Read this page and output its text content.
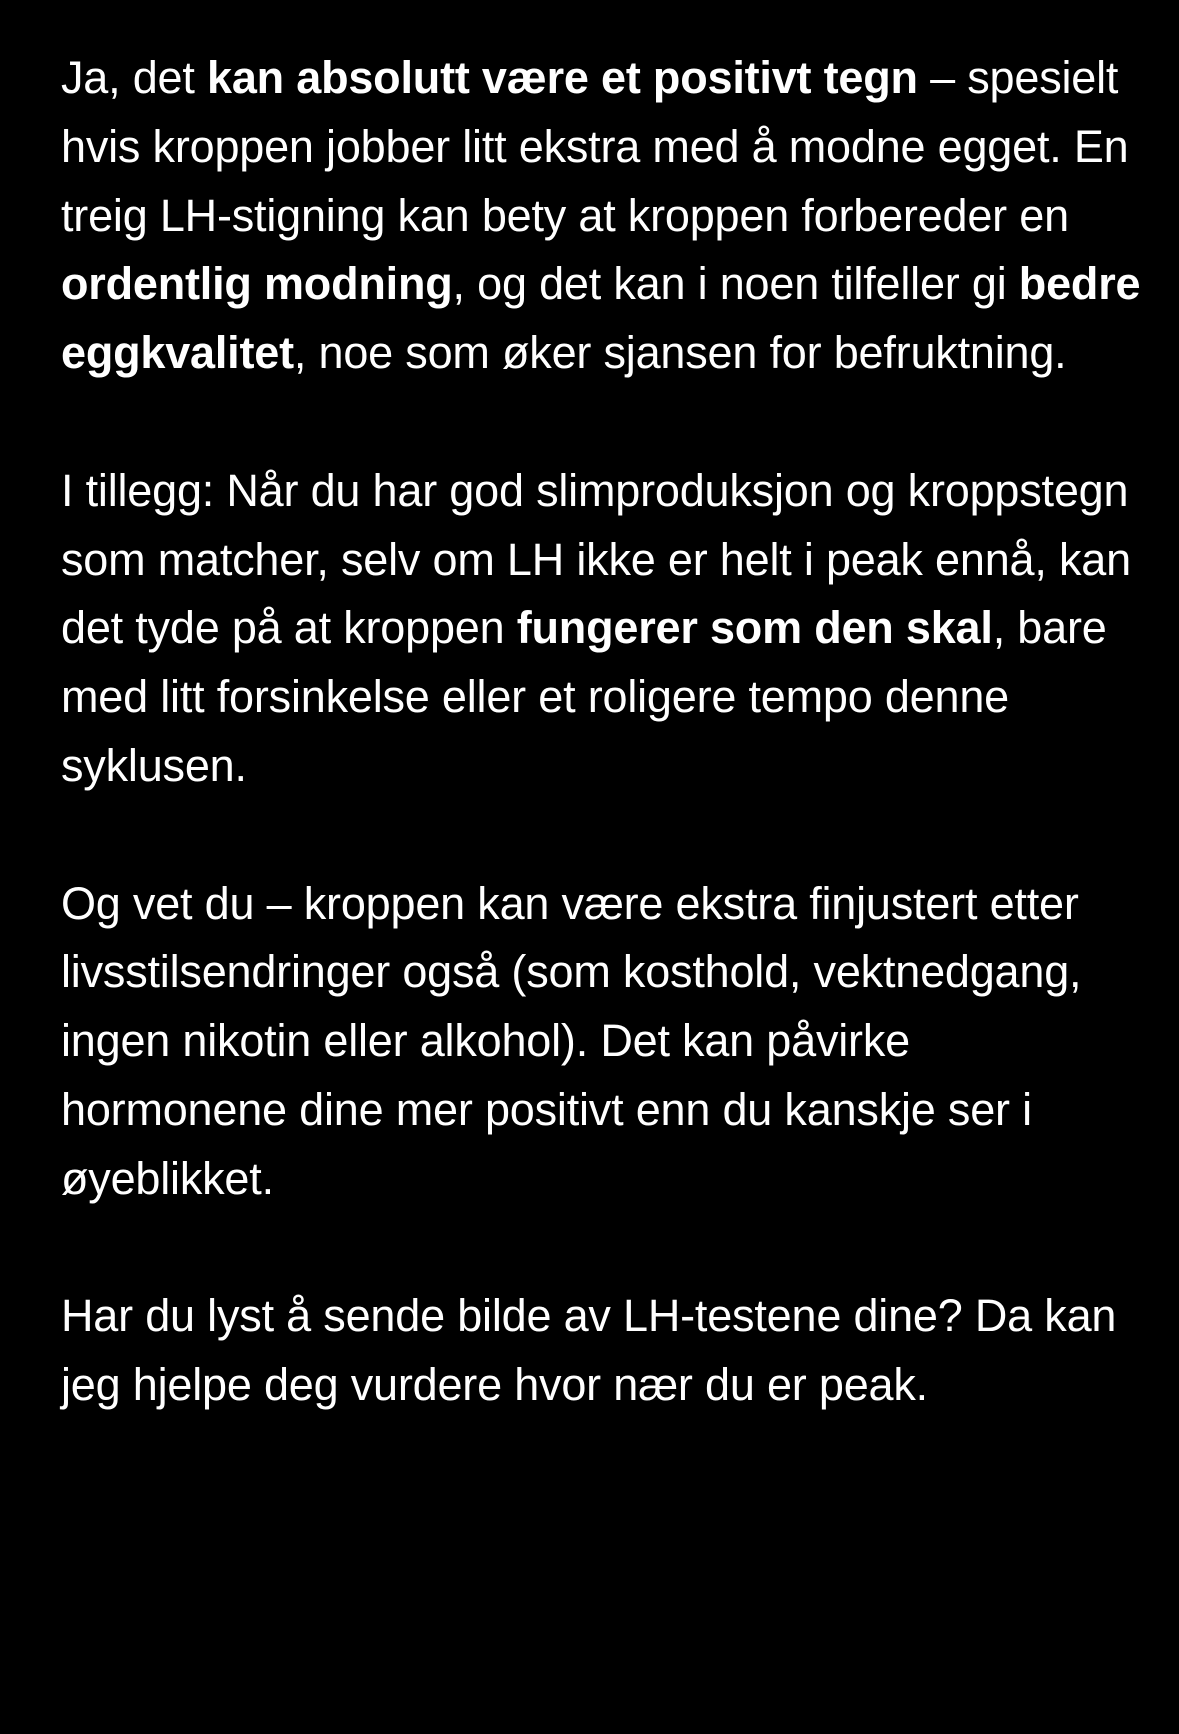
Ja, det kan absolutt være et positivt tegn – spesielt hvis kroppen jobber litt ekstra med å modne egget. En treig LH-stigning kan bety at kroppen forbereder en ordentlig modning, og det kan i noen tilfeller gi bedre eggkvalitet, noe som øker sjansen for befruktning.

I tillegg: Når du har god slimproduksjon og kroppstegn som matcher, selv om LH ikke er helt i peak ennå, kan det tyde på at kroppen fungerer som den skal, bare med litt forsinkelse eller et roligere tempo denne syklusen.

Og vet du – kroppen kan være ekstra finjustert etter livsstilsendringer også (som kosthold, vektnedgang, ingen nikotin eller alkohol). Det kan påvirke hormonene dine mer positivt enn du kanskje ser i øyeblikket.

Har du lyst å sende bilde av LH-testene dine? Da kan jeg hjelpe deg vurdere hvor nær du er peak.
